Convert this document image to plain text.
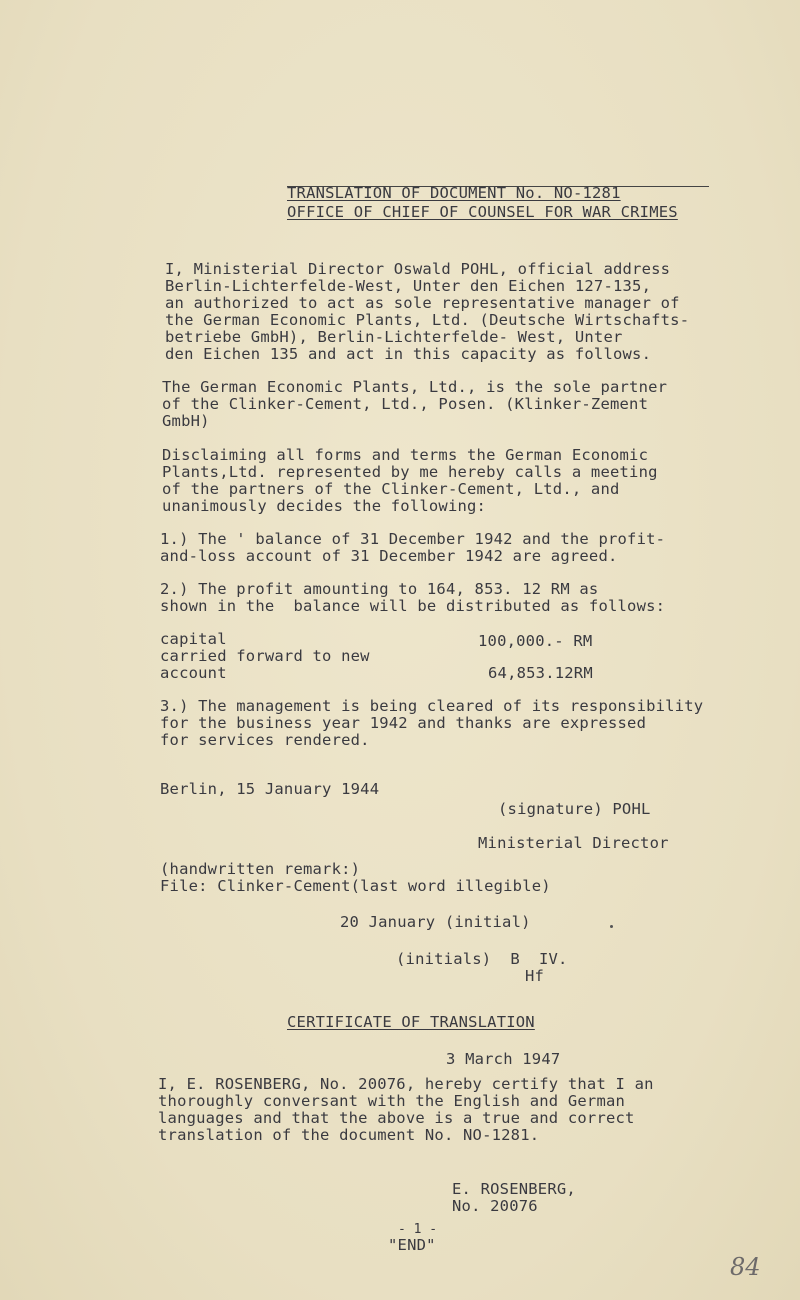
TRANSLATION OF DOCUMENT No. NO-1281
OFFICE OF CHIEF OF COUNSEL FOR WAR CRIMES
I, Ministerial Director Oswald POHL, official address
Berlin-Lichterfelde-West, Unter den Eichen 127-135,
an authorized to act as sole representative manager of
the German Economic Plants, Ltd. (Deutsche Wirtschafts-
betriebe GmbH), Berlin-Lichterfelde- West, Unter
den Eichen 135 and act in this capacity as follows.
The German Economic Plants, Ltd., is the sole partner
of the Clinker-Cement, Ltd., Posen. (Klinker-Zement
GmbH)
Disclaiming all forms and terms the German Economic
Plants,Ltd. represented by me hereby calls a meeting
of the partners of the Clinker-Cement, Ltd., and
unanimously decides the following:
1.) The ' balance of 31 December 1942 and the profit-
and-loss account of 31 December 1942 are agreed.
2.) The profit amounting to 164, 853. 12 RM as
shown in the  balance will be distributed as follows:
capital	100,000.- RM
carried forward to new
account	64,853.12RM
3.) The management is being cleared of its responsibility
for the business year 1942 and thanks are expressed
for services rendered.
Berlin, 15 January 1944
(signature) POHL
Ministerial Director
(handwritten remark:)
File: Clinker-Cement(last word illegible)
20 January (initial)
(initials)  B  IV.
Hf
CERTIFICATE OF TRANSLATION
3 March 1947
I, E. ROSENBERG, No. 20076, hereby certify that I an
thoroughly conversant with the English and German
languages and that the above is a true and correct
translation of the document No. NO-1281.
E. ROSENBERG,
No. 20076
- 1 -
"END"
84
